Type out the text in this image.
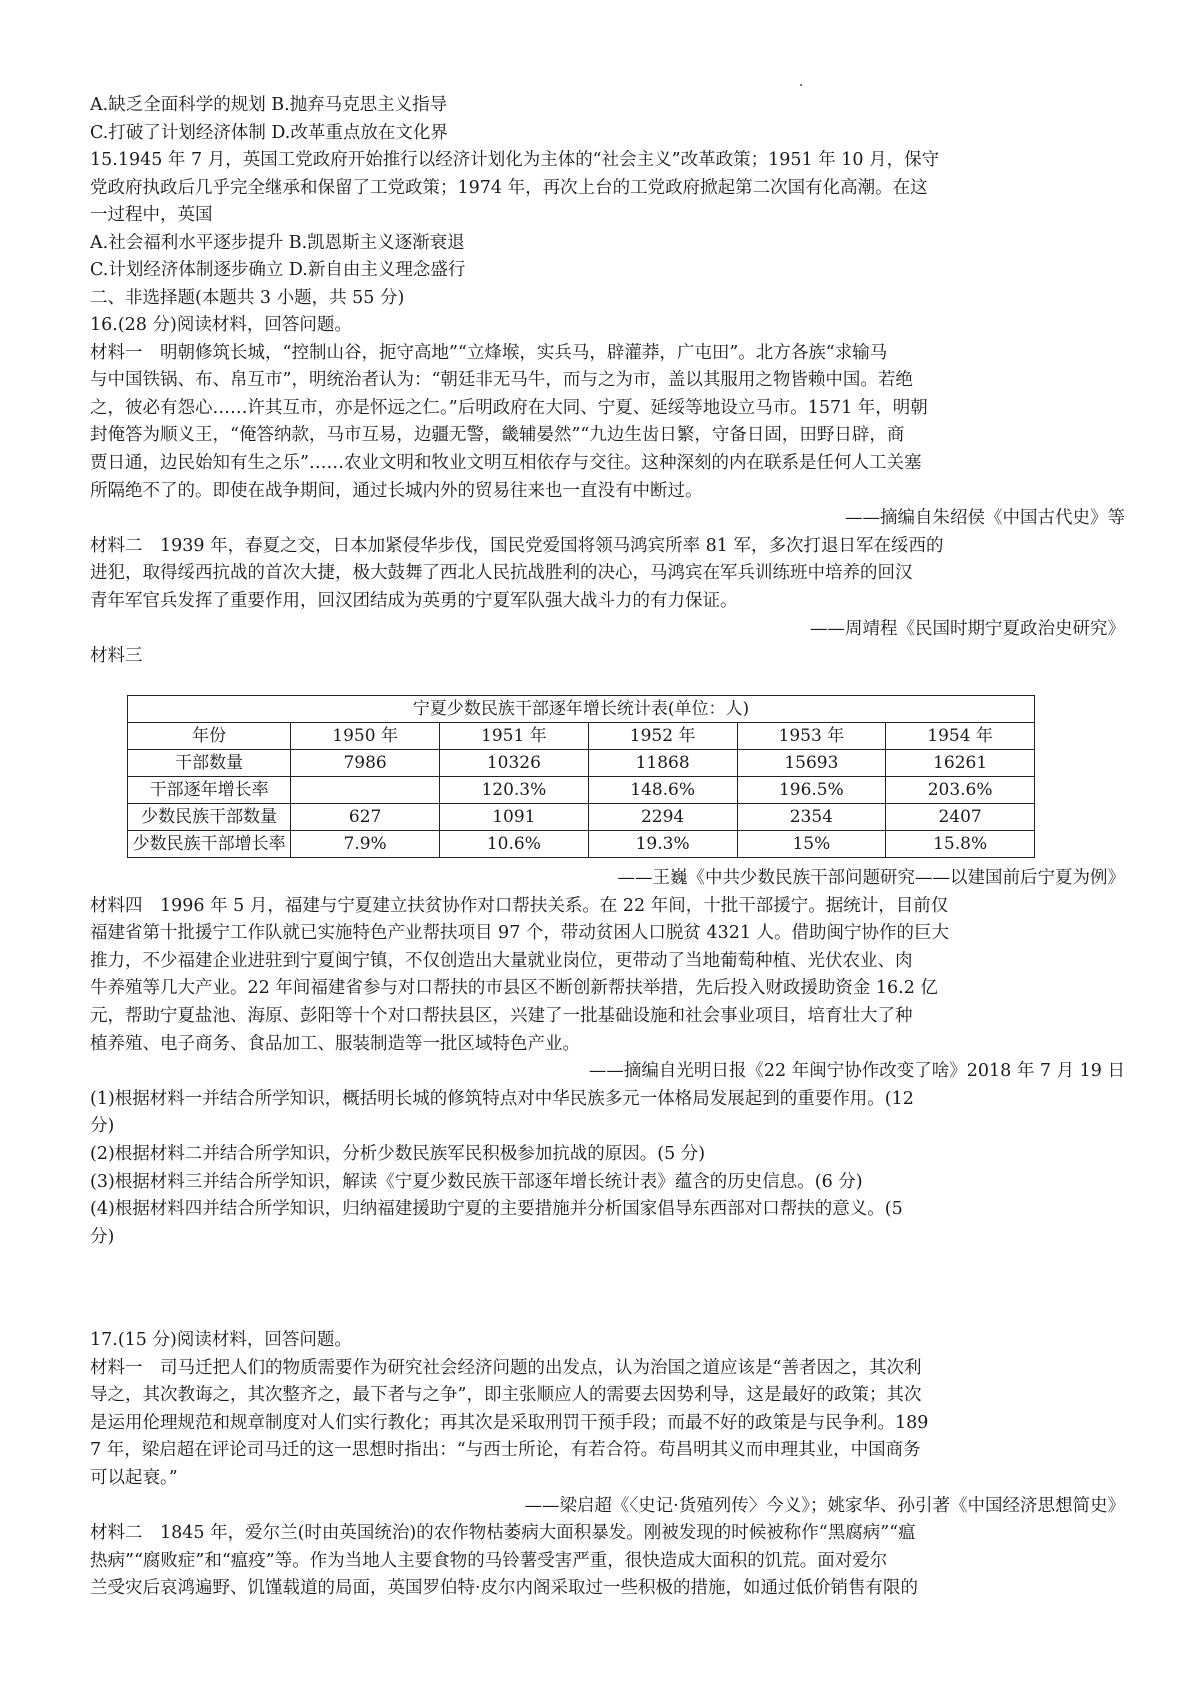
A.缺乏全面科学的规划 B.抛弃马克思主义指导
C.打破了计划经济体制 D.改革重点放在文化界
15.1945 年 7 月，英国工党政府开始推行以经济计划化为主体的“社会主义”改革政策；1951 年 10 月，保守
党政府执政后几乎完全继承和保留了工党政策；1974 年，再次上台的工党政府掀起第二次国有化高潮。在这
一过程中，英国
A.社会福利水平逐步提升 B.凯恩斯主义逐渐衰退
C.计划经济体制逐步确立 D.新自由主义理念盛行
二、非选择题(本题共 3 小题，共 55 分)
16.(28 分)阅读材料，回答问题。
材料一　明朝修筑长城，“控制山谷，扼守高地”“立烽堠，实兵马，辟灌莽，广屯田”。北方各族“求输马
与中国铁锅、布、帛互市”，明统治者认为：“朝廷非无马牛，而与之为市，盖以其服用之物皆赖中国。若绝
之，彼必有怨心……许其互市，亦是怀远之仁。”后明政府在大同、宁夏、延绥等地设立马市。1571 年，明朝
封俺答为顺义王，“俺答纳款，马市互易，边疆无警，畿辅晏然”“九边生齿日繁，守备日固，田野日辟，商
贾日通，边民始知有生之乐”……农业文明和牧业文明互相依存与交往。这种深刻的内在联系是任何人工关塞
所隔绝不了的。即使在战争期间，通过长城内外的贸易往来也一直没有中断过。
——摘编自朱绍侯《中国古代史》等
材料二　1939 年，春夏之交，日本加紧侵华步伐，国民党爱国将领马鸿宾所率 81 军，多次打退日军在绥西的
进犯，取得绥西抗战的首次大捷，极大鼓舞了西北人民抗战胜利的决心，马鸿宾在军兵训练班中培养的回汉
青年军官兵发挥了重要作用，回汉团结成为英勇的宁夏军队强大战斗力的有力保证。
——周靖程《民国时期宁夏政治史研究》
材料三
宁夏少数民族干部逐年增长统计表(单位：人)					
年份	1950 年	1951 年	1952 年	1953 年	1954 年
干部数量	7986	10326	11868	15693	16261
干部逐年增长率		120.3%	148.6%	196.5%	203.6%
少数民族干部数量	627	1091	2294	2354	2407
少数民族干部增长率	7.9%	10.6%	19.3%	15%	15.8%
——王巍《中共少数民族干部问题研究——以建国前后宁夏为例》
材料四　1996 年 5 月，福建与宁夏建立扶贫协作对口帮扶关系。在 22 年间，十批干部援宁。据统计，目前仅
福建省第十批援宁工作队就已实施特色产业帮扶项目 97 个，带动贫困人口脱贫 4321 人。借助闽宁协作的巨大
推力，不少福建企业进驻到宁夏闽宁镇，不仅创造出大量就业岗位，更带动了当地葡萄种植、光伏农业、肉
牛养殖等几大产业。22 年间福建省参与对口帮扶的市县区不断创新帮扶举措，先后投入财政援助资金 16.2 亿
元，帮助宁夏盐池、海原、彭阳等十个对口帮扶县区，兴建了一批基础设施和社会事业项目，培育壮大了种
植养殖、电子商务、食品加工、服装制造等一批区域特色产业。
——摘编自光明日报《22 年闽宁协作改变了啥》2018 年 7 月 19 日
(1)根据材料一并结合所学知识，概括明长城的修筑特点对中华民族多元一体格局发展起到的重要作用。(12
分)
(2)根据材料二并结合所学知识，分析少数民族军民积极参加抗战的原因。(5 分)
(3)根据材料三并结合所学知识，解读《宁夏少数民族干部逐年增长统计表》蕴含的历史信息。(6 分)
(4)根据材料四并结合所学知识，归纳福建援助宁夏的主要措施并分析国家倡导东西部对口帮扶的意义。(5
分)
17.(15 分)阅读材料，回答问题。
材料一　司马迁把人们的物质需要作为研究社会经济问题的出发点，认为治国之道应该是“善者因之，其次利
导之，其次教诲之，其次整齐之，最下者与之争”，即主张顺应人的需要去因势利导，这是最好的政策；其次
是运用伦理规范和规章制度对人们实行教化；再其次是采取刑罚干预手段；而最不好的政策是与民争利。189
7 年，梁启超在评论司马迁的这一思想时指出：“与西士所论，有若合符。苟昌明其义而申理其业，中国商务
可以起衰。”
——梁启超《〈史记·货殖列传〉今义》；姚家华、孙引著《中国经济思想简史》
材料二　1845 年，爱尔兰(时由英国统治)的农作物枯萎病大面积暴发。刚被发现的时候被称作“黑腐病”“瘟
热病”“腐败症”和“瘟疫”等。作为当地人主要食物的马铃薯受害严重，很快造成大面积的饥荒。面对爱尔
兰受灾后哀鸿遍野、饥馑载道的局面，英国罗伯特·皮尔内阁采取过一些积极的措施，如通过低价销售有限的
